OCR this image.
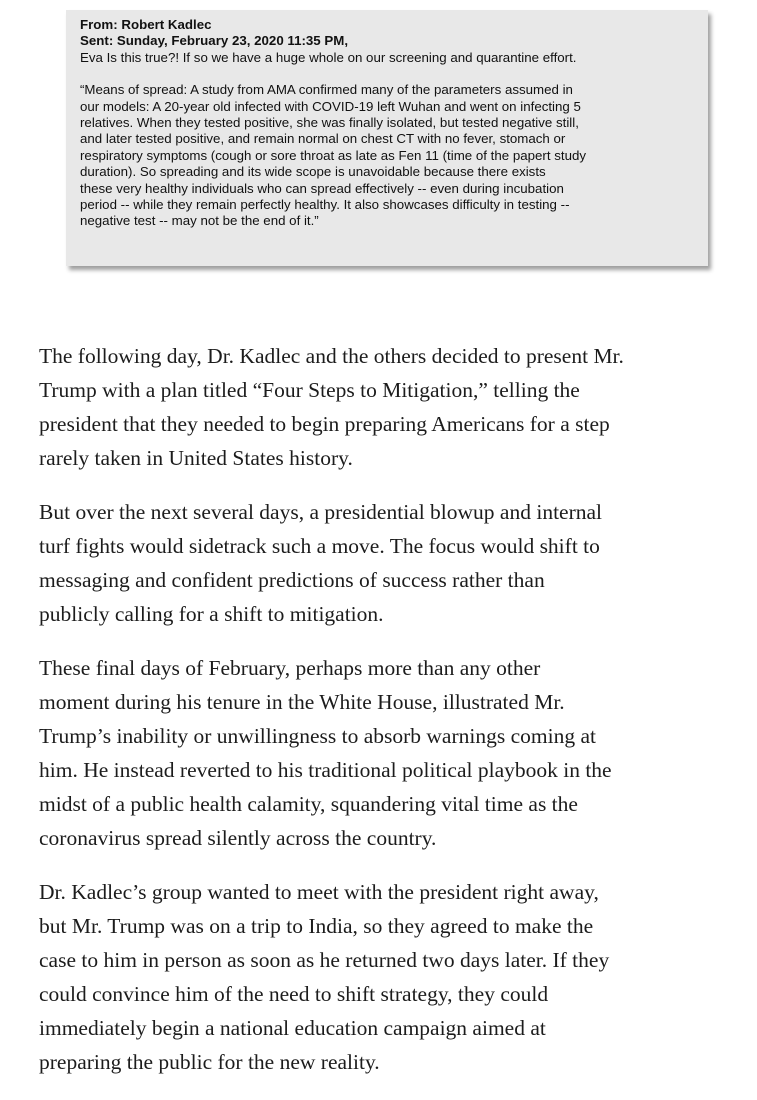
From: Robert Kadlec
Sent: Sunday, February 23, 2020 11:35 PM,
Eva Is this true?! If so we have a huge whole on our screening and quarantine effort.

“Means of spread: A study from AMA confirmed many of the parameters assumed in

our models: A 20-year old infected with COVID-19 left Wuhan and went on infecting 5

relatives. When they tested positive, she was finally isolated, but tested negative still,

and later tested positive, and remain normal on chest CT with no fever, stomach or

respiratory symptoms (cough or sore throat as late as Fen 11 (time of the papert study

duration). So spreading and its wide scope is unavoidable because there exists

these very healthy individuals who can spread effectively -- even during incubation

period -- while they remain perfectly healthy. It also showcases difficulty in testing --

negative test -- may not be the end of it.”

The following day, Dr. Kadlec and the others decided to present Mr.
Trump with a plan titled “Four Steps to Mitigation,” telling the
president that they needed to begin preparing Americans for a step
rarely taken in United States history.

But over the next several days, a presidential blowup and internal
turf fights would sidetrack such a move. The focus would shift to
messaging and confident predictions of success rather than
publicly calling for a shift to mitigation.

These final days of February, perhaps more than any other
moment during his tenure in the White House, illustrated Mr.
Trump’s inability or unwillingness to absorb warnings coming at
him. He instead reverted to his traditional political playbook in the
midst of a public health calamity, squandering vital time as the
coronavirus spread silently across the country.

Dr. Kadlec’s group wanted to meet with the president right away,
but Mr. Trump was on a trip to India, so they agreed to make the
case to him in person as soon as he returned two days later. If they
could convince him of the need to shift strategy, they could
immediately begin a national education campaign aimed at
preparing the public for the new reality.
